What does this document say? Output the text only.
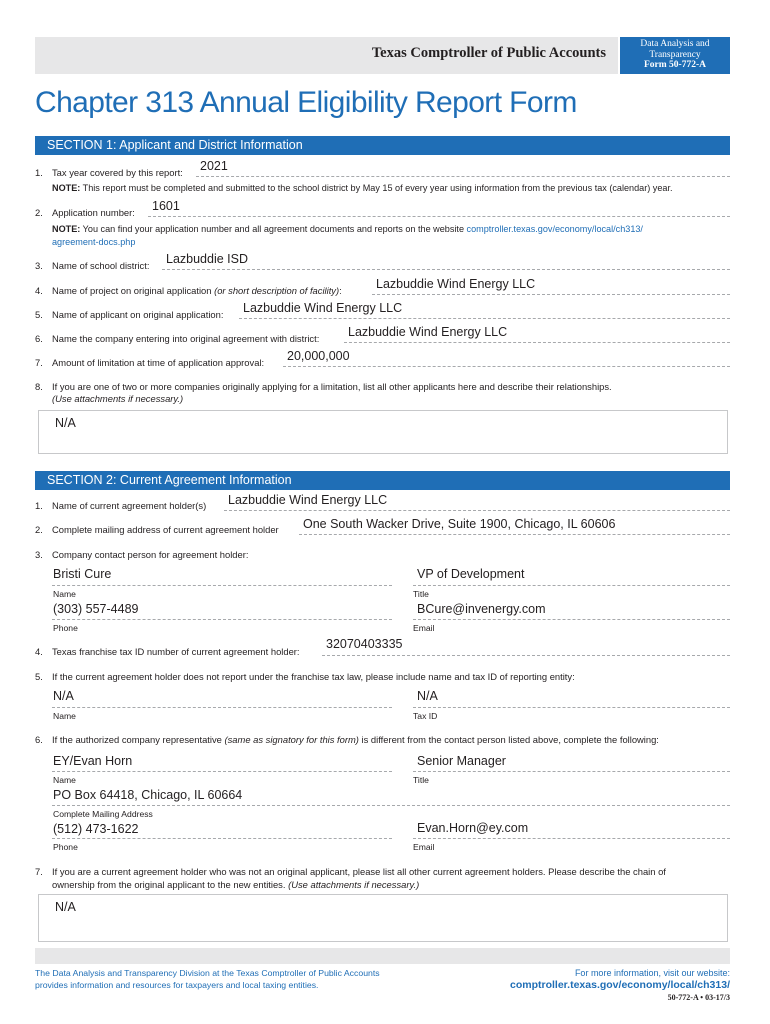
Texas Comptroller of Public Accounts
Data Analysis and
Transparency
Form 50-772-A
Chapter 313 Annual Eligibility Report Form
SECTION 1: Applicant and District Information
1. Tax year covered by this report: 2021
NOTE: This report must be completed and submitted to the school district by May 15 of every year using information from the previous tax (calendar) year.
2. Application number: 1601
NOTE: You can find your application number and all agreement documents and reports on the website comptroller.texas.gov/economy/local/ch313/
agreement-docs.php
3. Name of school district: Lazbuddie ISD
4. Name of project on original application (or short description of facility):	Lazbuddie Wind Energy LLC
5. Name of applicant on original application: Lazbuddie Wind Energy LLC
6. Name the company entering into original agreement with district: Lazbuddie Wind Energy LLC
7. Amount of limitation at time of application approval: 20,000,000
8. If you are one of two or more companies originally applying for a limitation, list all other applicants here and describe their relationships.
(Use attachments if necessary.)
N/A
SECTION 2: Current Agreement Information
1. Name of current agreement holder(s) Lazbuddie Wind Energy LLC
2. Complete mailing address of current agreement holder One South Wacker Drive, Suite 1900, Chicago, IL 60606
3. Company contact person for agreement holder:
Bristi Cure
Name
VP of Development
Title
(303) 557-4489
Phone
BCure@invenergy.com
Email
4. Texas franchise tax ID number of current agreement holder:
32070403335
5. If the current agreement holder does not report under the franchise tax law, please include name and tax ID of reporting entity:
N/A
Name
N/A
Tax ID
6. If the authorized company representative (same as signatory for this form) is different from the contact person listed above, complete the following:
EY/Evan Horn
Name
Senior Manager
Title
PO Box 64418, Chicago, IL 60664
Complete Mailing Address
(512) 473-1622
Phone
Evan.Horn@ey.com
Email
7. If you are a current agreement holder who was not an original applicant, please list all other current agreement holders. Please describe the chain of
ownership from the original applicant to the new entities. (Use attachments if necessary.)
N/A
The Data Analysis and Transparency Division at the Texas Comptroller of Public Accounts
provides information and resources for taxpayers and local taxing entities.
For more information, visit our website:
comptroller.texas.gov/economy/local/ch313/
50-772-A • 03-17/3
